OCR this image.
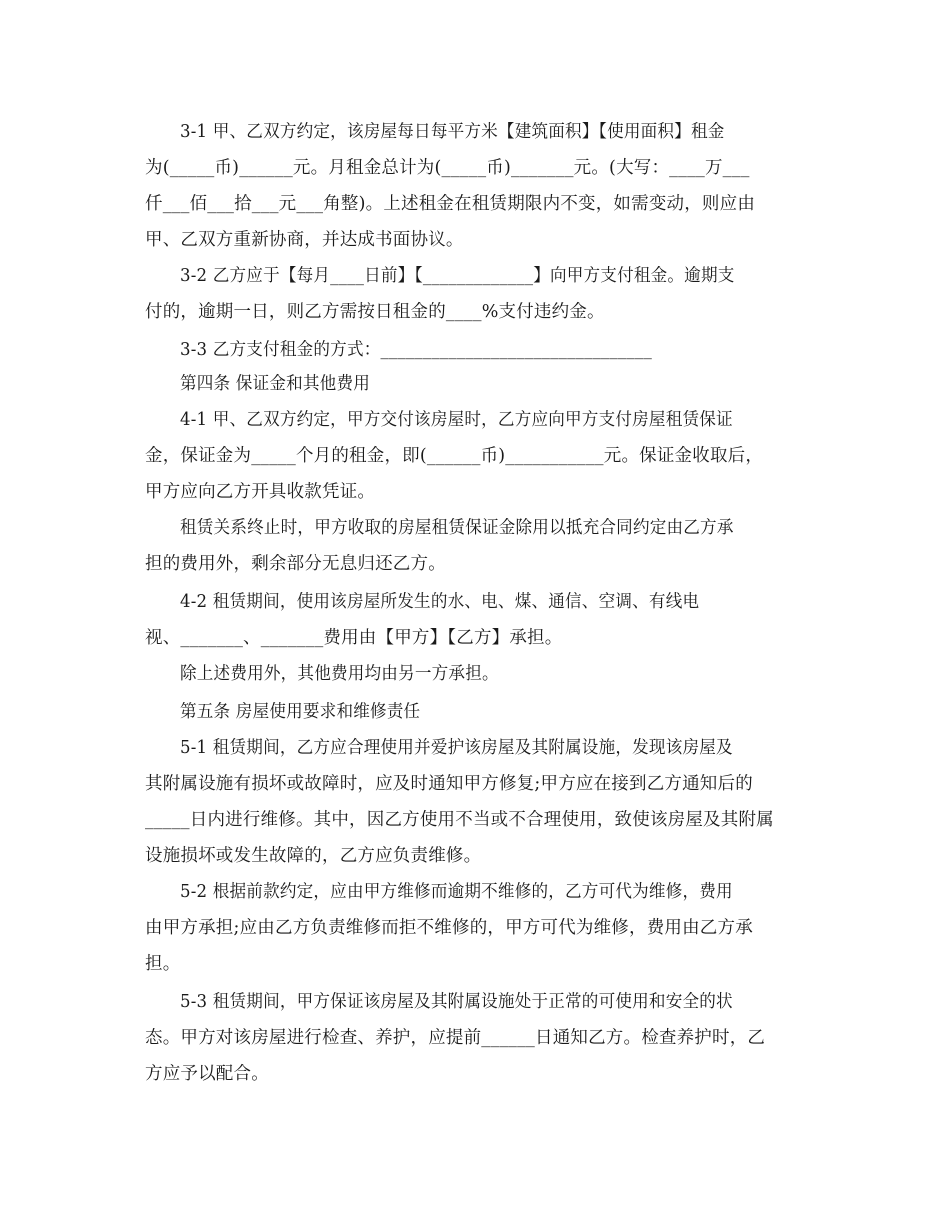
3-1 甲、乙双方约定，该房屋每日每平方米【建筑面积】【使用面积】租金
为(_____币)______元。月租金总计为(_____币)_______元。(大写：____万___
仟___佰___拾___元___角整)。上述租金在租赁期限内不变，如需变动，则应由
甲、乙双方重新协商，并达成书面协议。
3-2 乙方应于【每月____日前】【_____________】向甲方支付租金。逾期支
付的，逾期一日，则乙方需按日租金的____%支付违约金。
3-3 乙方支付租金的方式：________________________________
第四条 保证金和其他费用
4-1 甲、乙双方约定，甲方交付该房屋时，乙方应向甲方支付房屋租赁保证
金，保证金为_____个月的租金，即(______币)___________元。保证金收取后，
甲方应向乙方开具收款凭证。
租赁关系终止时，甲方收取的房屋租赁保证金除用以抵充合同约定由乙方承
担的费用外，剩余部分无息归还乙方。
4-2 租赁期间，使用该房屋所发生的水、电、煤、通信、空调、有线电
视、_______、_______费用由【甲方】【乙方】承担。
除上述费用外，其他费用均由另一方承担。
第五条 房屋使用要求和维修责任
5-1 租赁期间，乙方应合理使用并爱护该房屋及其附属设施，发现该房屋及
其附属设施有损坏或故障时，应及时通知甲方修复;甲方应在接到乙方通知后的
_____日内进行维修。其中，因乙方使用不当或不合理使用，致使该房屋及其附属
设施损坏或发生故障的，乙方应负责维修。
5-2 根据前款约定，应由甲方维修而逾期不维修的，乙方可代为维修，费用
由甲方承担;应由乙方负责维修而拒不维修的，甲方可代为维修，费用由乙方承
担。
5-3 租赁期间，甲方保证该房屋及其附属设施处于正常的可使用和安全的状
态。甲方对该房屋进行检查、养护，应提前______日通知乙方。检查养护时，乙
方应予以配合。
